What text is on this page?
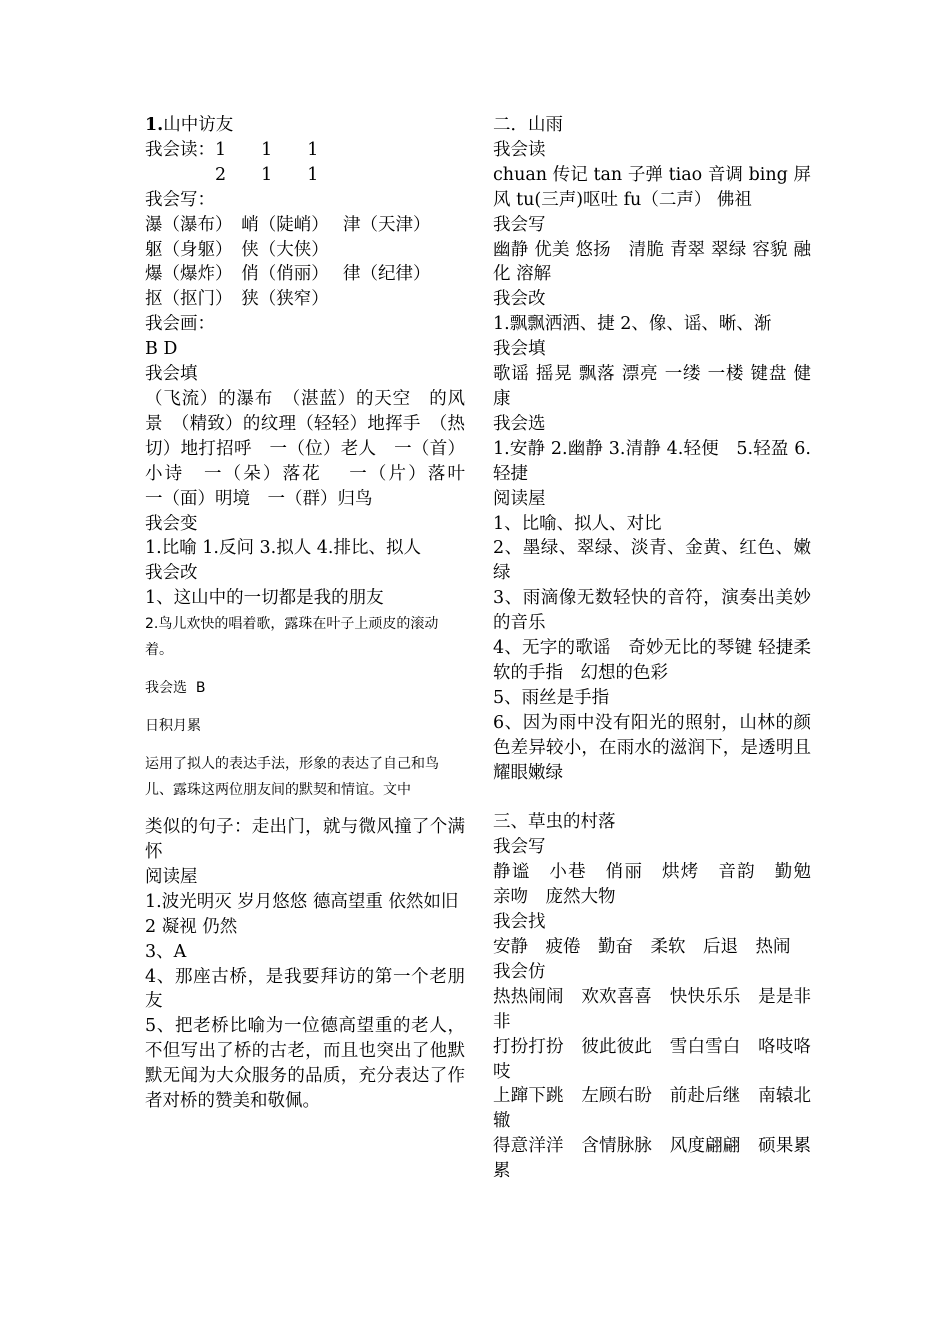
1.山中访友

我会读：1　　1　　1

　　　　2　　1　　1

我会写：

瀑（瀑布）　峭（陡峭）　 津（天津）

躯（身躯）　侠（大侠）

爆（爆炸）　俏（俏丽）　 律（纪律）

抠（抠门）　狭（狭窄）

我会画：

B D

我会填

（飞流）的瀑布　（湛蓝）的天空　的风景　（精致）的纹理（轻轻）地挥手　（热切）地打招呼　一（位）老人　一（首）小诗　一（朵）落花　 一（片）落叶　一（面）明境　一（群）归鸟

我会变

1.比喻 1.反问 3.拟人 4.排比、拟人

我会改

1、这山中的一切都是我的朋友

2.鸟儿欢快的唱着歌，露珠在叶子上顽皮的滚动着。

我会选  B

日积月累

运用了拟人的表达手法，形象的表达了自己和鸟儿、露珠这两位朋友间的默契和情谊。文中

类似的句子：走出门，就与微风撞了个满怀

阅读屋

1.波光明灭 岁月悠悠 德高望重 依然如旧

2 凝视 仍然

3、A

4、那座古桥，是我要拜访的第一个老朋友

5、把老桥比喻为一位德高望重的老人，不但写出了桥的古老，而且也突出了他默默无闻为大众服务的品质，充分表达了作者对桥的赞美和敬佩。

二．山雨

我会读

chuan 传记 tan 子弹 tiao 音调 bing 屏风 tu(三声)呕吐 fu（二声） 佛祖

我会写

幽静 优美 悠扬　清脆 青翠 翠绿 容貌 融化 溶解

我会改

1.飘飘洒洒、捷 2、像、谣、晰、渐

我会填

歌谣 摇晃 飘落 漂亮 一缕 一楼 键盘 健康

我会选

1.安静 2.幽静 3.清静 4.轻便　5.轻盈 6.轻捷

阅读屋

1、比喻、拟人、对比

2、墨绿、翠绿、淡青、金黄、红色、嫩绿

3、雨滴像无数轻快的音符，演奏出美妙的音乐

4、无字的歌谣　奇妙无比的琴键 轻捷柔软的手指　幻想的色彩

5、雨丝是手指

6、因为雨中没有阳光的照射，山林的颜色差异较小，在雨水的滋润下，是透明且耀眼嫩绿

三、草虫的村落

我会写

静谧　小巷　俏丽　烘烤　音韵　勤勉　亲吻　庞然大物

我会找

安静　疲倦　勤奋　柔软　后退　热闹

我会仿

热热闹闹　欢欢喜喜　快快乐乐　是是非非

打扮打扮　彼此彼此　雪白雪白　咯吱咯吱

上蹿下跳　左顾右盼　前赴后继　南辕北辙

得意洋洋　含情脉脉　风度翩翩　硕果累累
